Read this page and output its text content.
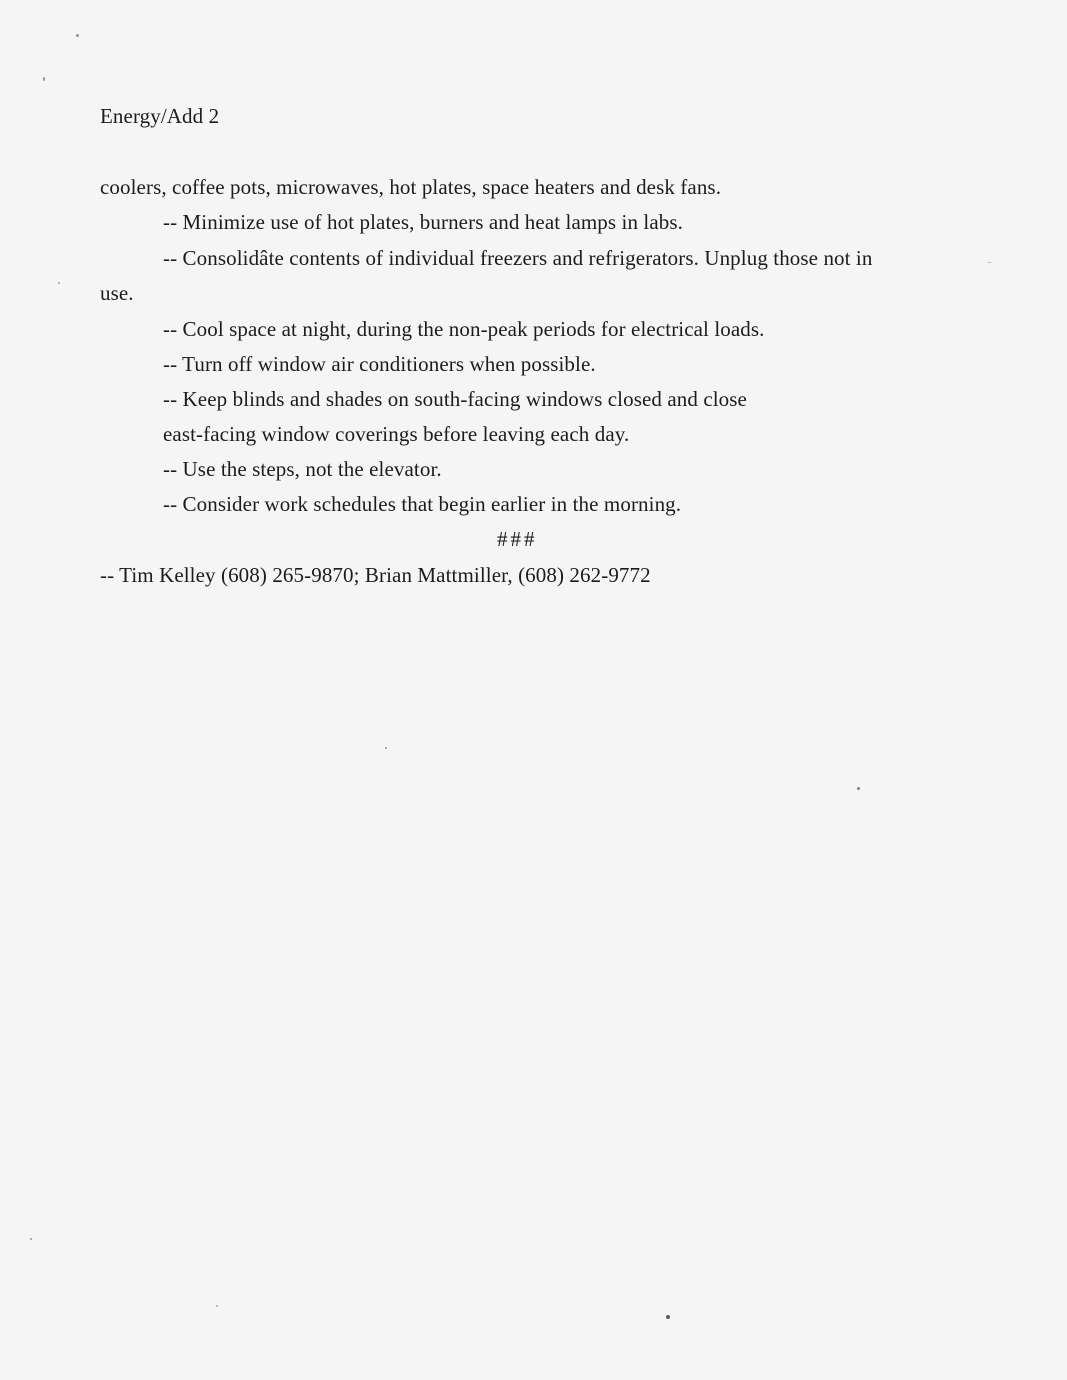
Energy/Add 2
coolers, coffee pots, microwaves, hot plates, space heaters and desk fans.
-- Minimize use of hot plates, burners and heat lamps in labs.
-- Consolidâte contents of individual freezers and refrigerators. Unplug those not in
use.
-- Cool space at night, during the non-peak periods for electrical loads.
-- Turn off window air conditioners when possible.
-- Keep blinds and shades on south-facing windows closed and close
east-facing window coverings before leaving each day.
-- Use the steps, not the elevator.
-- Consider work schedules that begin earlier in the morning.
###
-- Tim Kelley (608) 265-9870; Brian Mattmiller, (608) 262-9772
